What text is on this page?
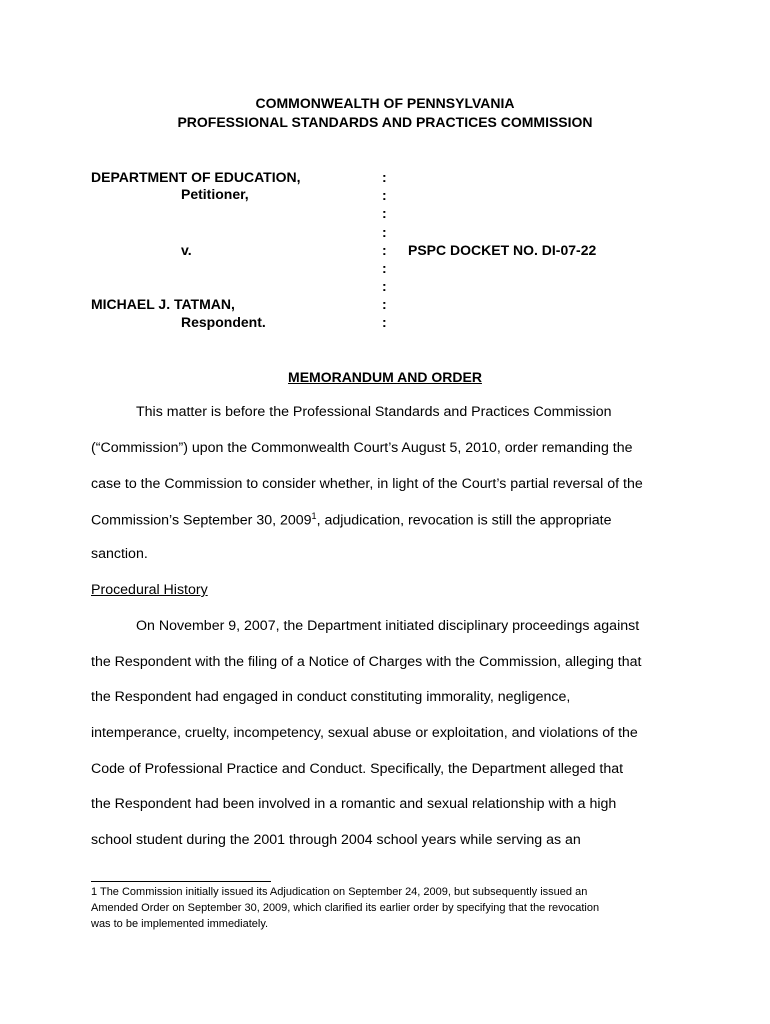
COMMONWEALTH OF PENNSYLVANIA
PROFESSIONAL STANDARDS AND PRACTICES COMMISSION
DEPARTMENT OF EDUCATION,
Petitioner,
v.
MICHAEL J. TATMAN,
Respondent.
:
:
:
:
:
:
:
:
:
PSPC DOCKET NO. DI-07-22
MEMORANDUM AND ORDER
This matter is before the Professional Standards and Practices Commission
(“Commission”) upon the Commonwealth Court’s August 5, 2010, order remanding the
case to the Commission to consider whether, in light of the Court’s partial reversal of the
Commission’s September 30, 2009$^1$, adjudication, revocation is still the appropriate
sanction.
Procedural History
On November 9, 2007, the Department initiated disciplinary proceedings against
the Respondent with the filing of a Notice of Charges with the Commission, alleging that
the Respondent had engaged in conduct constituting immorality, negligence,
intemperance, cruelty, incompetency, sexual abuse or exploitation, and violations of the
Code of Professional Practice and Conduct. Specifically, the Department alleged that
the Respondent had been involved in a romantic and sexual relationship with a high
school student during the 2001 through 2004 school years while serving as an
1 The Commission initially issued its Adjudication on September 24, 2009, but subsequently issued an
Amended Order on September 30, 2009, which clarified its earlier order by specifying that the revocation
was to be implemented immediately.
